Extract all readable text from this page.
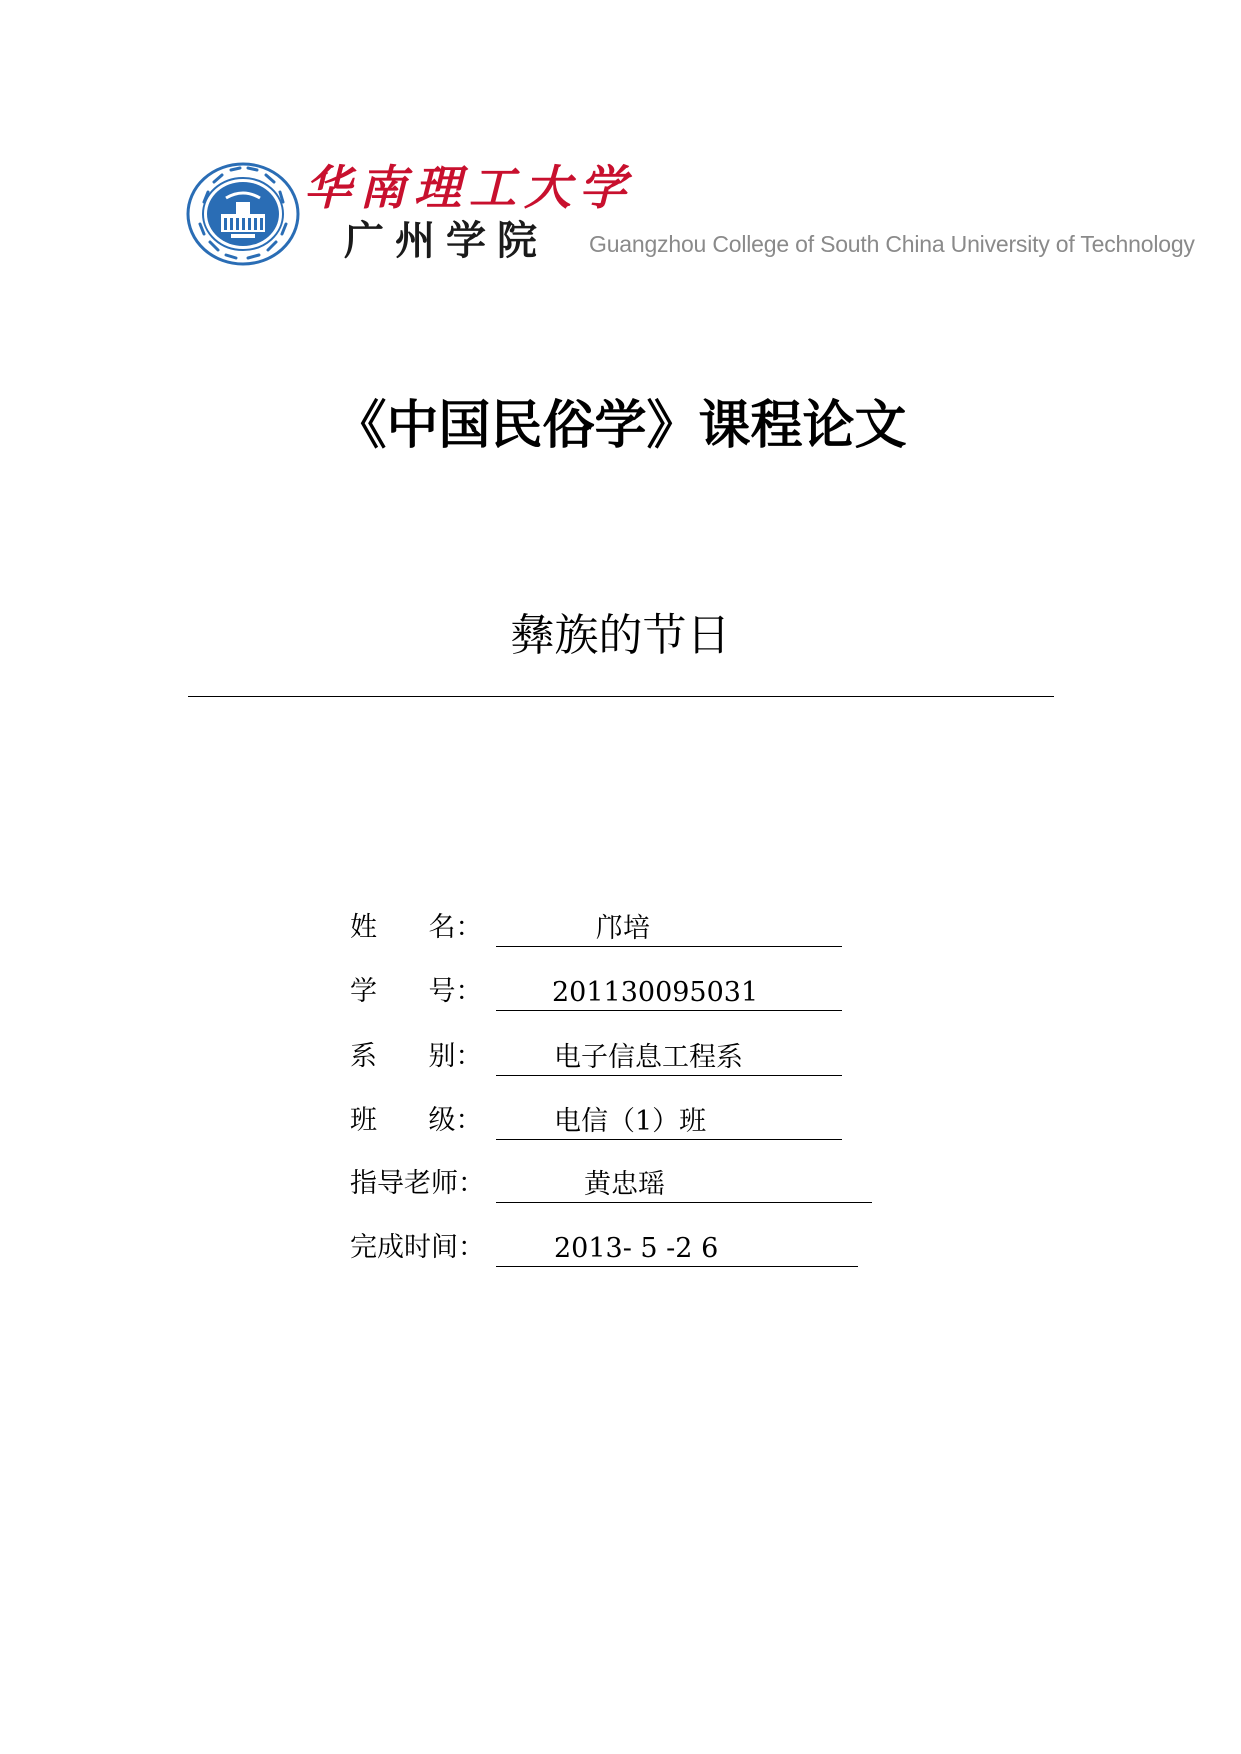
华南理工大学
广州学院	Guangzhou College of South China University of Technology
《中国民俗学》课程论文
彝族的节日
姓      名：	邝培
学      号：	201130095031
系      别：	电子信息工程系
班      级：	电信（1）班
指导老师：	黄忠瑶
完成时间：	2013- 5 -2 6
